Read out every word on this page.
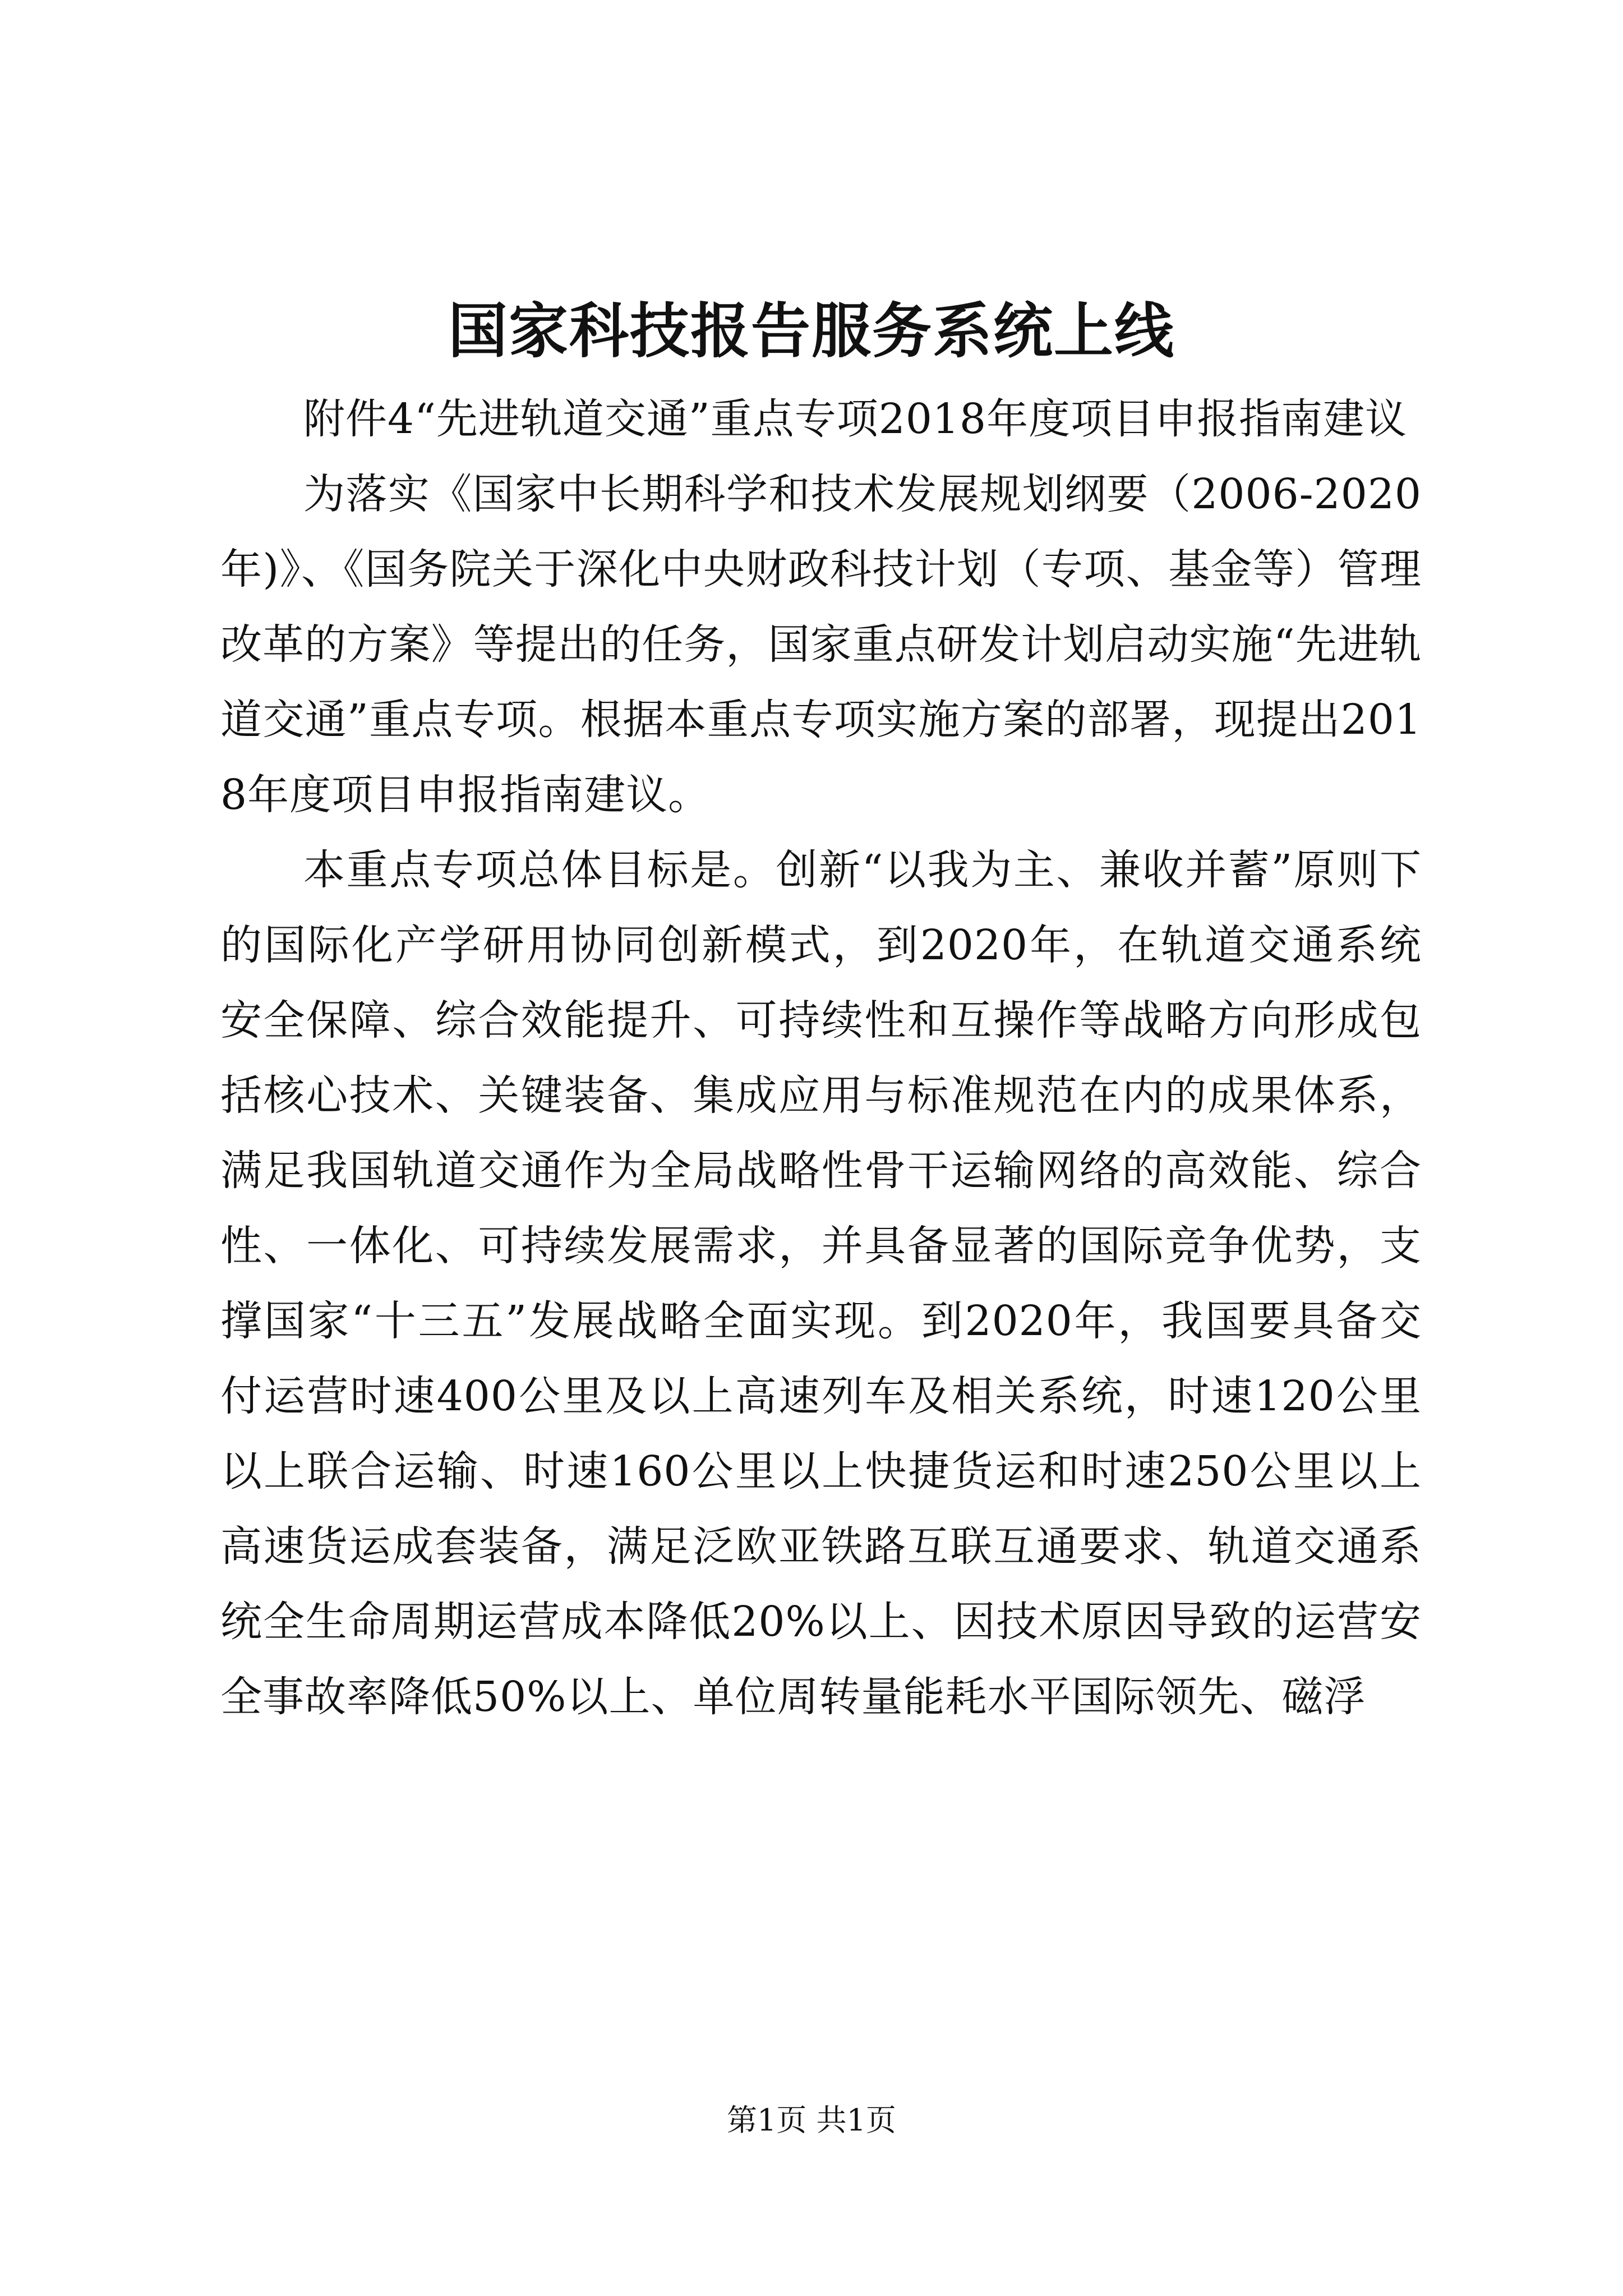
国家科技报告服务系统上线

附件4“先进轨道交通”重点专项2018年度项目申报指南建议

为落实《国家中长期科学和技术发展规划纲要（2006-2020年)》、《国务院关于深化中央财政科技计划（专项、基金等）管理改革的方案》等提出的任务，国家重点研发计划启动实施“先进轨道交通”重点专项。根据本重点专项实施方案的部署，现提出2018年度项目申报指南建议。

本重点专项总体目标是。创新“以我为主、兼收并蓄”原则下的国际化产学研用协同创新模式，到2020年，在轨道交通系统安全保障、综合效能提升、可持续性和互操作等战略方向形成包括核心技术、关键装备、集成应用与标准规范在内的成果体系，满足我国轨道交通作为全局战略性骨干运输网络的高效能、综合性、一体化、可持续发展需求，并具备显著的国际竞争优势，支撑国家“十三五”发展战略全面实现。到2020年，我国要具备交付运营时速400公里及以上高速列车及相关系统，时速120公里以上联合运输、时速160公里以上快捷货运和时速250公里以上高速货运成套装备，满足泛欧亚铁路互联互通要求、轨道交通系统全生命周期运营成本降低20%以上、因技术原因导致的运营安全事故率降低50%以上、单位周转量能耗水平国际领先、磁浮

第1页 共1页
